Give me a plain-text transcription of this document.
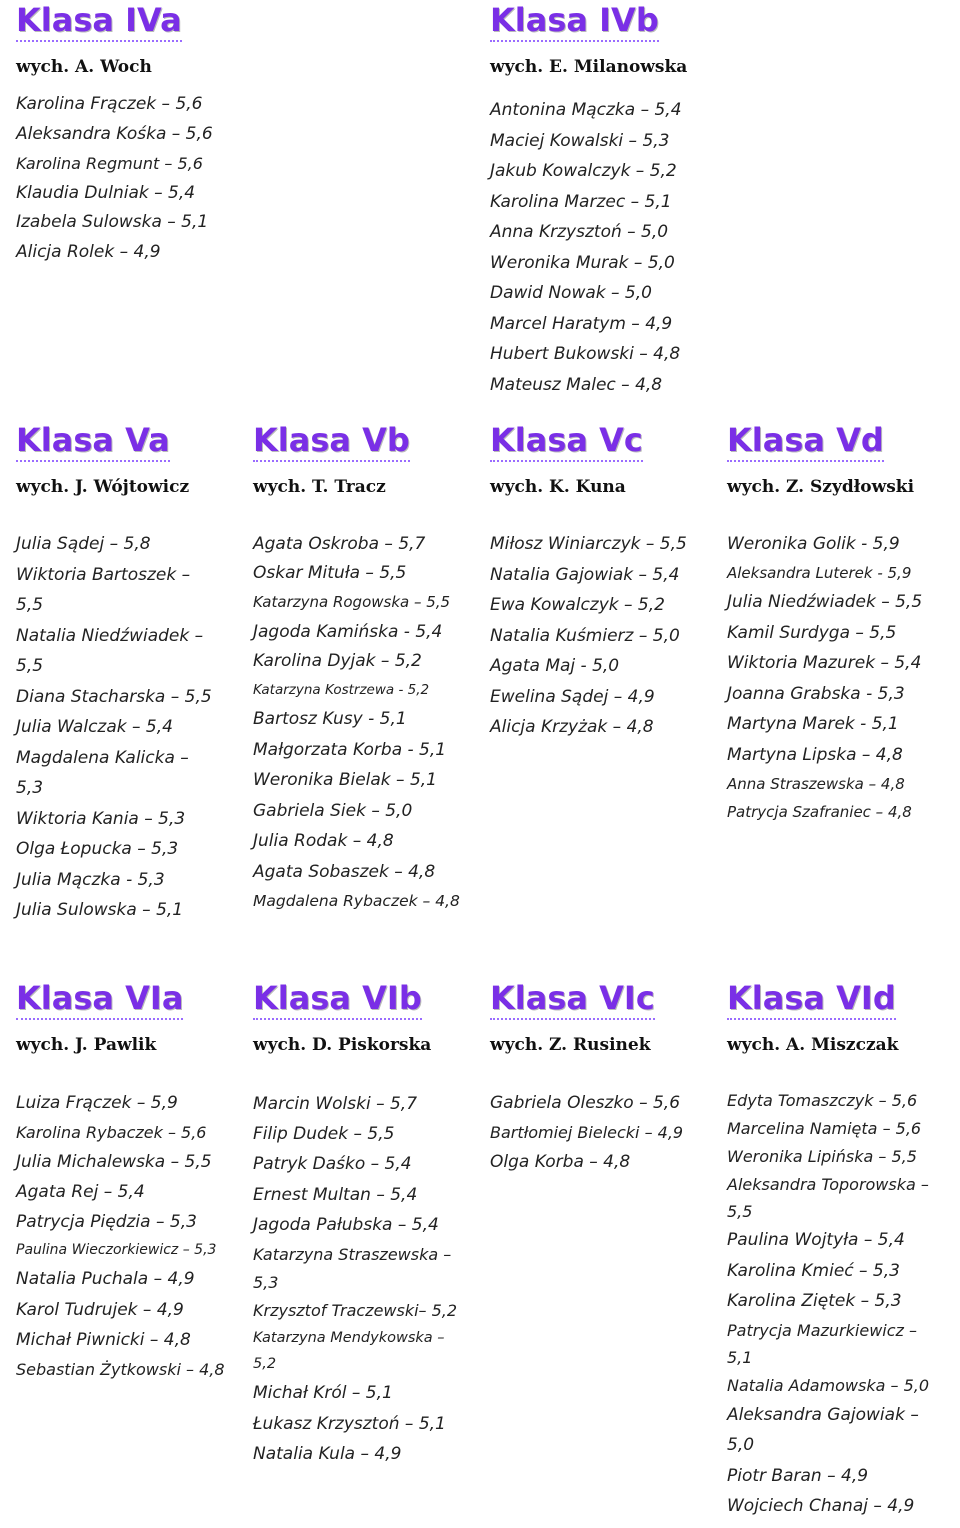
Klasa IVa
wych. A. Woch
Karolina Frączek – 5,6
Aleksandra Kośka – 5,6
Karolina Regmunt – 5,6
Klaudia Dulniak – 5,4
Izabela Sulowska – 5,1
Alicja Rolek – 4,9
Klasa IVb
wych. E. Milanowska
Antonina Mączka – 5,4
Maciej Kowalski – 5,3
Jakub Kowalczyk – 5,2
Karolina Marzec – 5,1
Anna Krzysztoń – 5,0
Weronika Murak – 5,0
Dawid Nowak – 5,0
Marcel Haratym – 4,9
Hubert Bukowski – 4,8
Mateusz Malec – 4,8
Klasa Va
wych. J. Wójtowicz
Julia Sądej – 5,8
Wiktoria Bartoszek –
5,5
Natalia Niedźwiadek –
5,5
Diana Stacharska – 5,5
Julia Walczak – 5,4
Magdalena Kalicka –
5,3
Wiktoria Kania – 5,3
Olga Łopucka – 5,3
Julia Mączka - 5,3
Julia Sulowska – 5,1
Klasa Vb
wych. T. Tracz
Agata Oskroba – 5,7
Oskar Mituła – 5,5
Katarzyna Rogowska – 5,5
Jagoda Kamińska - 5,4
Karolina Dyjak – 5,2
Katarzyna Kostrzewa - 5,2
Bartosz Kusy - 5,1
Małgorzata Korba - 5,1
Weronika Bielak – 5,1
Gabriela Siek – 5,0
Julia Rodak – 4,8
Agata Sobaszek – 4,8
Magdalena Rybaczek – 4,8
Klasa Vc
wych. K. Kuna
Miłosz Winiarczyk – 5,5
Natalia Gajowiak – 5,4
Ewa Kowalczyk – 5,2
Natalia Kuśmierz – 5,0
Agata Maj - 5,0
Ewelina Sądej – 4,9
Alicja Krzyżak – 4,8
Klasa Vd
wych. Z. Szydłowski
Weronika Golik - 5,9
Aleksandra Luterek - 5,9
Julia Niedźwiadek – 5,5
Kamil Surdyga – 5,5
Wiktoria Mazurek – 5,4
Joanna Grabska - 5,3
Martyna Marek - 5,1
Martyna Lipska – 4,8
Anna Straszewska – 4,8
Patrycja Szafraniec – 4,8
Klasa VIa
wych. J. Pawlik
Luiza Frączek – 5,9
Karolina Rybaczek – 5,6
Julia Michalewska – 5,5
Agata Rej – 5,4
Patrycja Piędzia – 5,3
Paulina Wieczorkiewicz – 5,3
Natalia Puchala – 4,9
Karol Tudrujek – 4,9
Michał Piwnicki – 4,8
Sebastian Żytkowski – 4,8
Klasa VIb
wych. D. Piskorska
Marcin Wolski – 5,7
Filip Dudek – 5,5
Patryk Daśko – 5,4
Ernest Multan – 5,4
Jagoda Pałubska – 5,4
Katarzyna Straszewska –
5,3
Krzysztof Traczewski– 5,2
Katarzyna Mendykowska –
5,2
Michał Król – 5,1
Łukasz Krzysztoń – 5,1
Natalia Kula – 4,9
Klasa VIc
wych. Z. Rusinek
Gabriela Oleszko – 5,6
Bartłomiej Bielecki – 4,9
Olga Korba – 4,8
Klasa VId
wych. A. Miszczak
Edyta Tomaszczyk – 5,6
Marcelina Namięta – 5,6
Weronika Lipińska – 5,5
Aleksandra Toporowska –
5,5
Paulina Wojtyła – 5,4
Karolina Kmieć – 5,3
Karolina Ziętek – 5,3
Patrycja Mazurkiewicz –
5,1
Natalia Adamowska – 5,0
Aleksandra Gajowiak –
5,0
Piotr Baran – 4,9
Wojciech Chanaj – 4,9
